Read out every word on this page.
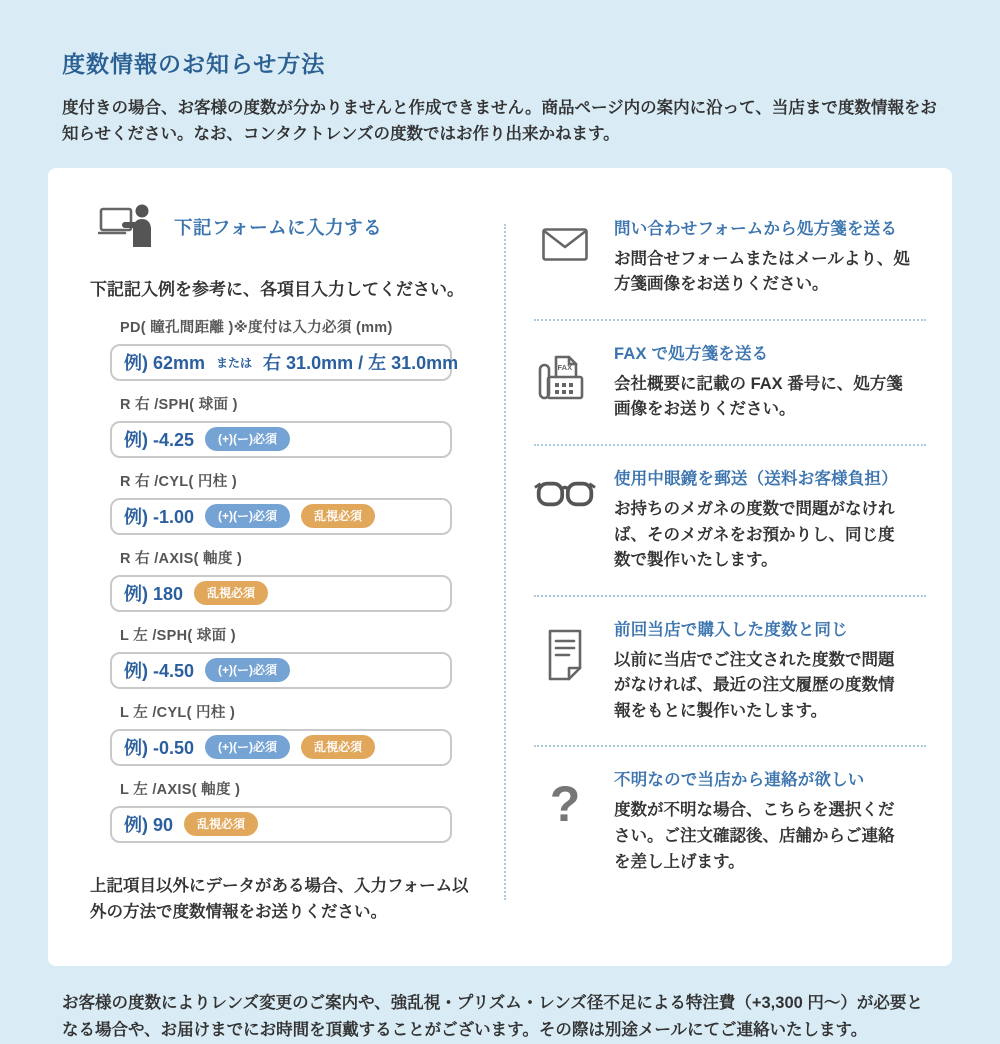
度数情報のお知らせ方法

度付きの場合、お客様の度数が分かりませんと作成できません。商品ページ内の案内に沿って、当店まで度数情報をお知らせください。なお、コンタクトレンズの度数ではお作り出来かねます。

下記フォームに入力する

下記記入例を参考に、各項目入力してください。

PD( 瞳孔間距離 )※度付は入力必須 (mm)
例) 62mm または 右 31.0mm / 左 31.0mm
R 右 /SPH( 球面 )
例) -4.25	(+)(ー)必須
R 右 /CYL( 円柱 )
例) -1.00	(+)(ー)必須	乱視必須
R 右 /AXIS( 軸度 )
例) 180	乱視必須
L 左 /SPH( 球面 )
例) -4.50	(+)(ー)必須
L 左 /CYL( 円柱 )
例) -0.50	(+)(ー)必須	乱視必須
L 左 /AXIS( 軸度 )
例) 90	乱視必須

上記項目以外にデータがある場合、入力フォーム以外の方法で度数情報をお送りください。

問い合わせフォームから処方箋を送る
お問合せフォームまたはメールより、処方箋画像をお送りください。
FAX
FAX で処方箋を送る
会社概要に記載の FAX 番号に、処方箋画像をお送りください。
使用中眼鏡を郵送（送料お客様負担）
お持ちのメガネの度数で問題がなければ、そのメガネをお預かりし、同じ度数で製作いたします。
前回当店で購入した度数と同じ
以前に当店でご注文された度数で問題がなければ、最近の注文履歴の度数情報をもとに製作いたします。
? 不明なので当店から連絡が欲しい
度数が不明な場合、こちらを選択ください。ご注文確認後、店舗からご連絡を差し上げます。

お客様の度数によりレンズ変更のご案内や、強乱視・プリズム・レンズ径不足による特注費（+3,300 円～）が必要となる場合や、お届けまでにお時間を頂戴することがございます。その際は別途メールにてご連絡いたします。
